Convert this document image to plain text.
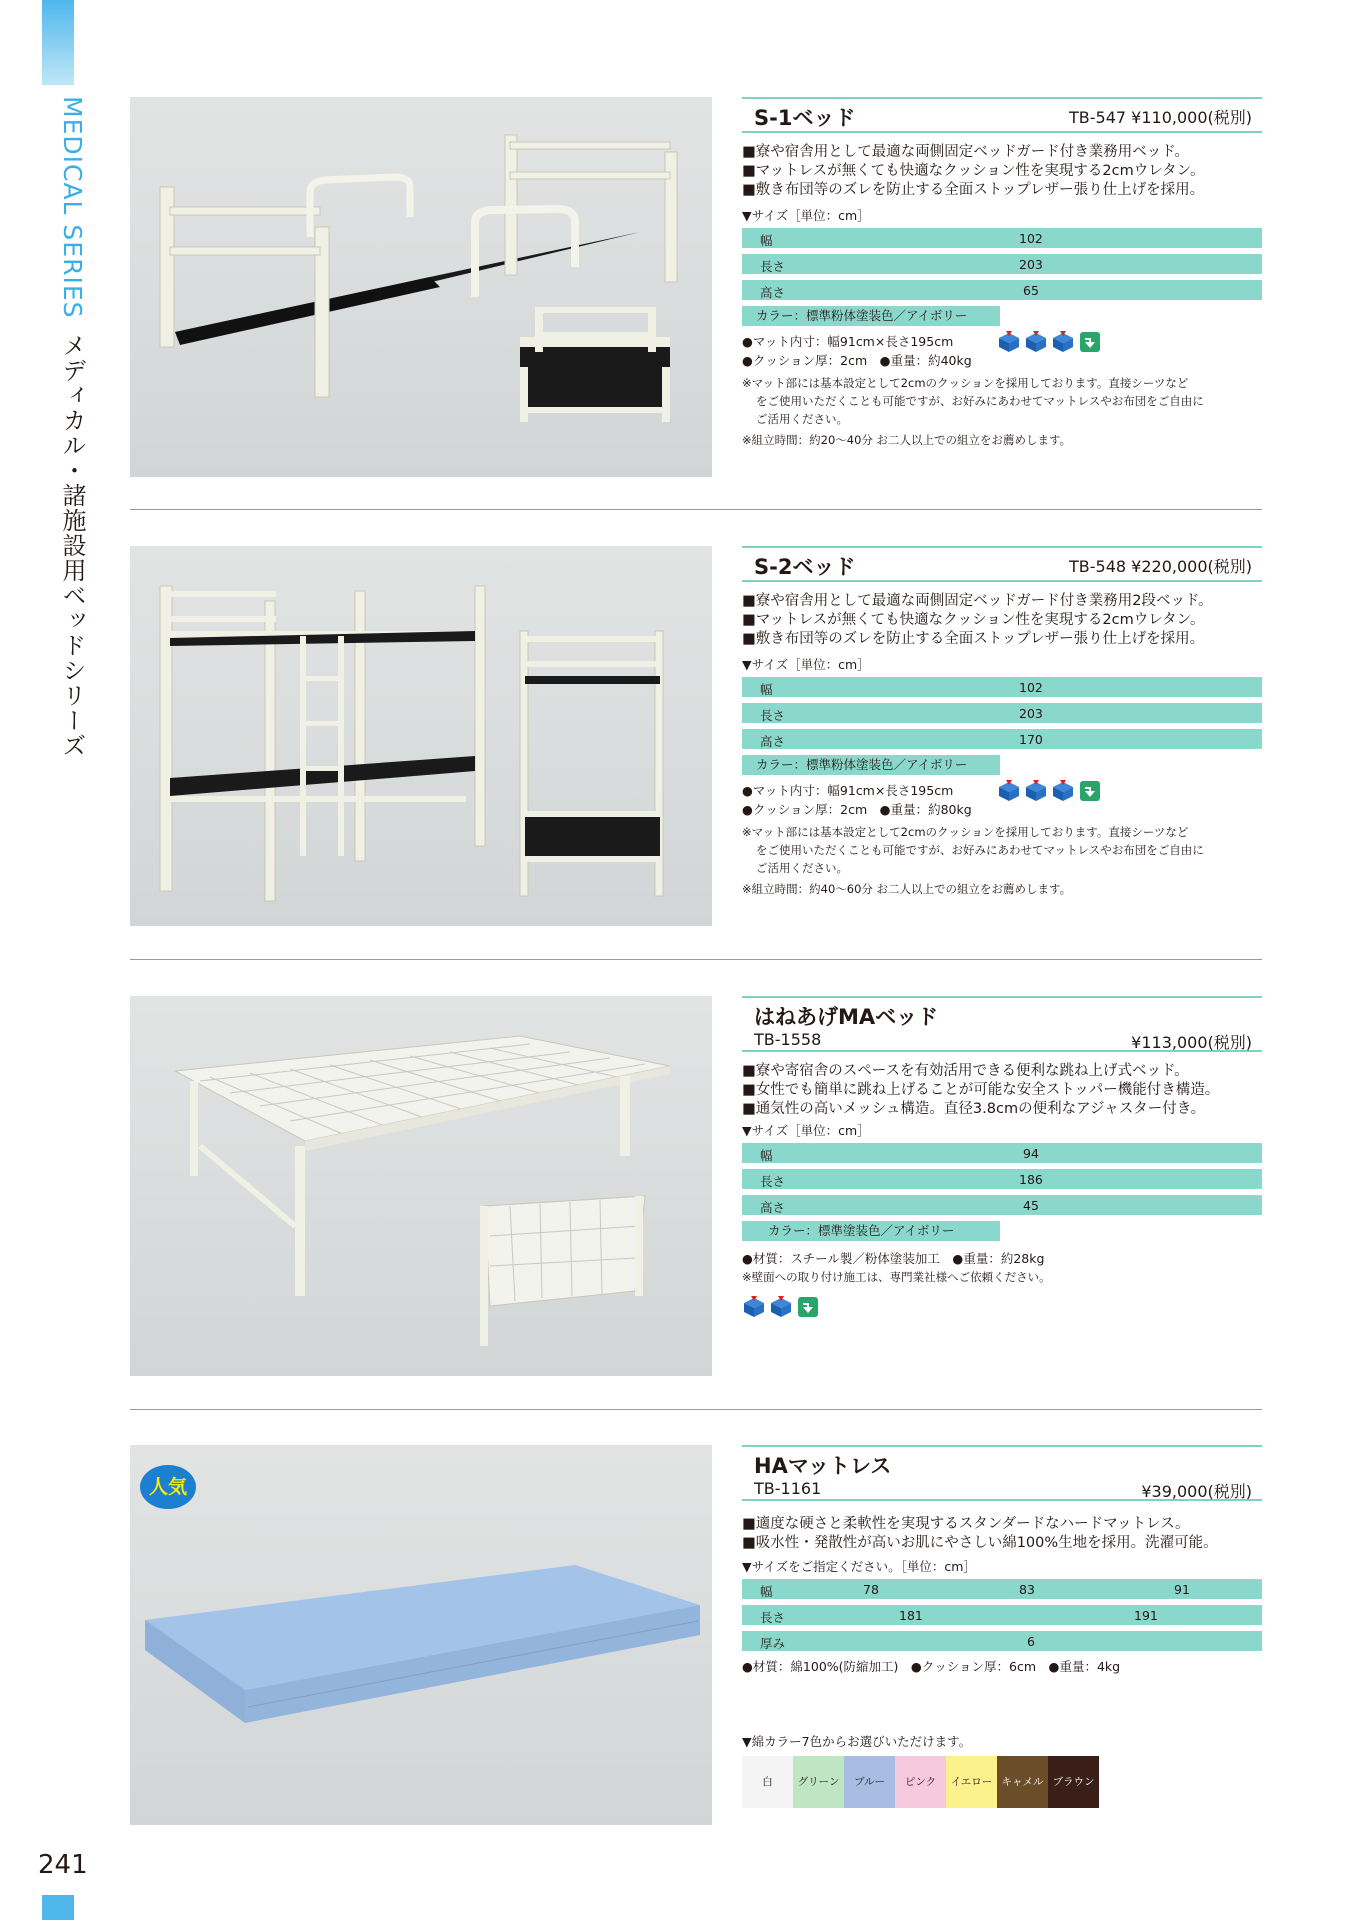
MEDICAL SERIESメディカル・諸施設用ベッドシリーズ
241
S-1ベッド	TB-547 ¥110,000(税別)
■寮や宿舎用として最適な両側固定ベッドガード付き業務用ベッド。
■マットレスが無くても快適なクッション性を実現する2cmウレタン。
■敷き布団等のズレを防止する全面ストップレザー張り仕上げを採用。
▼サイズ［単位：cm］
幅	102
長さ	203
高さ	65
カラー：標準粉体塗装色／アイボリー
●マット内寸：幅91cm×長さ195cm
●クッション厚：2cm　●重量：約40kg
※マット部には基本設定として2cmのクッションを採用しております。直接シーツなど
をご使用いただくことも可能ですが、お好みにあわせてマットレスやお布団をご自由に
ご活用ください。
※組立時間：約20〜40分 お二人以上での組立をお薦めします。
S-2ベッド	TB-548 ¥220,000(税別)
■寮や宿舎用として最適な両側固定ベッドガード付き業務用2段ベッド。
■マットレスが無くても快適なクッション性を実現する2cmウレタン。
■敷き布団等のズレを防止する全面ストップレザー張り仕上げを採用。
▼サイズ［単位：cm］
幅	102
長さ	203
高さ	170
カラー：標準粉体塗装色／アイボリー
●マット内寸：幅91cm×長さ195cm
●クッション厚：2cm　●重量：約80kg
※マット部には基本設定として2cmのクッションを採用しております。直接シーツなど
をご使用いただくことも可能ですが、お好みにあわせてマットレスやお布団をご自由に
ご活用ください。
※組立時間：約40〜60分 お二人以上での組立をお薦めします。
はねあげMAベッド
TB-1558	¥113,000(税別)
■寮や寄宿舎のスペースを有効活用できる便利な跳ね上げ式ベッド。
■女性でも簡単に跳ね上げることが可能な安全ストッパー機能付き構造。
■通気性の高いメッシュ構造。直径3.8cmの便利なアジャスター付き。
▼サイズ［単位：cm］
幅	94
長さ	186
高さ	45
カラー：標準塗装色／アイボリー
●材質：スチール製／粉体塗装加工　●重量：約28kg
※壁面への取り付け施工は、専門業社様へご依頼ください。
人気
HAマットレス
TB-1161	¥39,000(税別)
■適度な硬さと柔軟性を実現するスタンダードなハードマットレス。
■吸水性・発散性が高いお肌にやさしい綿100%生地を採用。洗濯可能。
▼サイズをご指定ください。［単位：cm］
幅	78	83	91
長さ	181	191
厚み	6
●材質：綿100%(防縮加工)　●クッション厚：6cm　●重量：4kg
▼綿カラー7色からお選びいただけます。
白	グリーン	ブルー	ピンク	イエロー キャメル ブラウン
